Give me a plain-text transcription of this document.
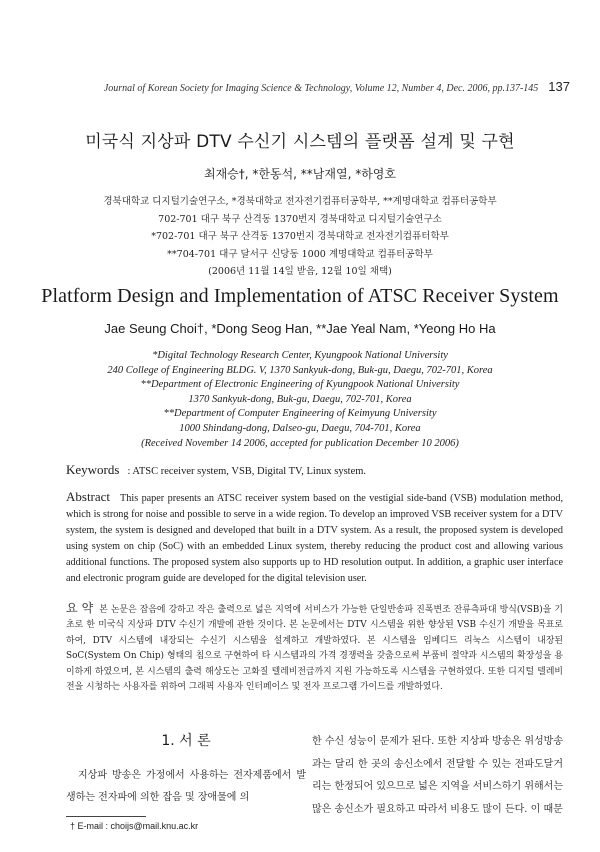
Journal of Korean Society for Imaging Science & Technology, Volume 12, Number 4, Dec. 2006, pp.137-145 137
미국식 지상파 DTV 수신기 시스템의 플랫폼 설계 및 구현
최재승†, *한동석, **남재열, *하영호
경북대학교 디지털기술연구소, *경북대학교 전자전기컴퓨터공학부, **계명대학교 컴퓨터공학부
702-701 대구 북구 산격동 1370번지 경북대학교 디지털기술연구소
*702-701 대구 북구 산격동 1370번지 경북대학교 전자전기컴퓨터학부
**704-701 대구 달서구 신당동 1000 계명대학교 컴퓨터공학부
(2006년 11월 14일 받음, 12월 10일 채택)
Platform Design and Implementation of ATSC Receiver System
Jae Seung Choi†, *Dong Seog Han, **Jae Yeal Nam, *Yeong Ho Ha
*Digital Technology Research Center, Kyungpook National University
240 College of Engineering BLDG. V, 1370 Sankyuk-dong, Buk-gu, Daegu, 702-701, Korea
**Department of Electronic Engineering of Kyungpook National University
1370 Sankyuk-dong, Buk-gu, Daegu, 702-701, Korea
**Department of Computer Engineering of Keimyung University
1000 Shindang-dong, Dalseo-gu, Daegu, 704-701, Korea
(Received November 14 2006, accepted for publication December 10 2006)
Keywords : ATSC receiver system, VSB, Digital TV, Linux system.
Abstract This paper presents an ATSC receiver system based on the vestigial side-band (VSB) modulation method, which is strong for noise and possible to serve in a wide region. To develop an improved VSB receiver system for a DTV system, the system is designed and developed that built in a DTV system. As a result, the proposed system is developed using system on chip (SoC) with an embedded Linux system, thereby reducing the product cost and allowing various additional functions. The proposed system also supports up to HD resolution output. In addition, a graphic user interface and electronic program guide are developed for the digital television user.
요 약 본 논문은 잡음에 강하고 작은 출력으로 넓은 지역에 서비스가 가능한 단일반송파 진폭변조 잔류측파대 방식(VSB)을 기초로 한 미국식 지상파 DTV 수신기 개발에 관한 것이다. 본 논문에서는 DTV 시스템을 위한 향상된 VSB 수신기 개발을 목표로 하여, DTV 시스템에 내장되는 수신기 시스템을 설계하고 개발하였다. 본 시스템을 임베디드 리눅스 시스템이 내장된 SoC(System On Chip) 형태의 칩으로 구현하여 타 시스템과의 가격 경쟁력을 갖춤으로써 부품비 절약과 시스템의 확장성을 용이하게 하였으며, 본 시스템의 출력 해상도는 고화질 텔레비전급까지 지원 가능하도록 시스템을 구현하였다. 또한 디지털 텔레비전을 시청하는 사용자를 위하여 그래픽 사용자 인터페이스 및 전자 프로그램 가이드를 개발하였다.
1. 서 론
지상파 방송은 가정에서 사용하는 전자제품에서 발생하는 전자파에 의한 잡음 및 장애물에 의
† E-mail : choijs@mail.knu.ac.kr
한 수신 성능이 문제가 된다. 또한 지상파 방송은 위성방송과는 달리 한 곳의 송신소에서 전달할 수 있는 전파도달거리는 한정되어 있으므로 넓은 지역을 서비스하기 위해서는 많은 송신소가 필요하고 따라서 비용도 많이 든다. 이 때문
